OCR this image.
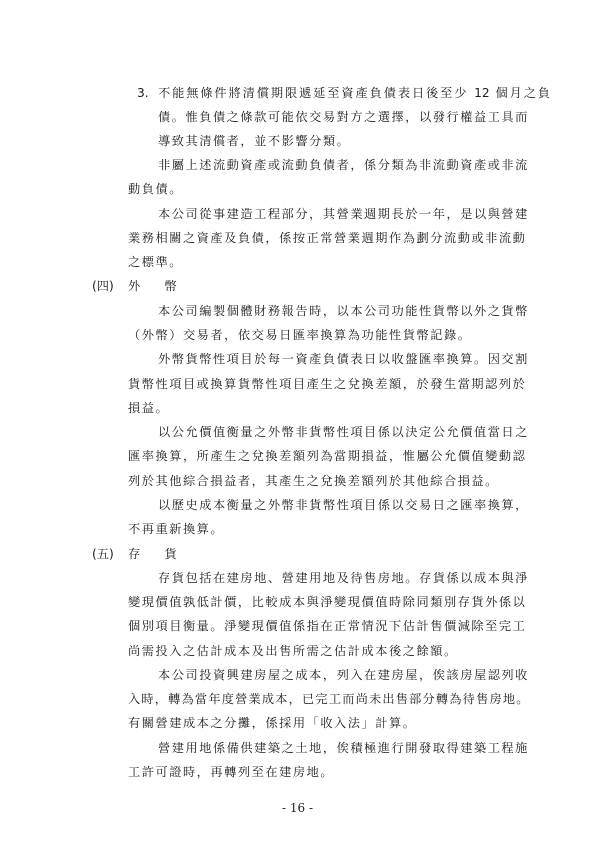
3. 不能無條件將清償期限遞延至資產負債表日後至少 12 個月之負
債。惟負債之條款可能依交易對方之選擇，以發行權益工具而
導致其清償者，並不影響分類。
非屬上述流動資產或流動負債者，係分類為非流動資產或非流
動負債。
本公司從事建造工程部分，其營業週期長於一年，是以與營建
業務相關之資產及負債，係按正常營業週期作為劃分流動或非流動
之標準。
(四) 外　　幣
本公司編製個體財務報告時，以本公司功能性貨幣以外之貨幣
（外幣）交易者，依交易日匯率換算為功能性貨幣記錄。
外幣貨幣性項目於每一資產負債表日以收盤匯率換算。因交割
貨幣性項目或換算貨幣性項目產生之兌換差額，於發生當期認列於
損益。
以公允價值衡量之外幣非貨幣性項目係以決定公允價值當日之
匯率換算，所產生之兌換差額列為當期損益，惟屬公允價值變動認
列於其他綜合損益者，其產生之兌換差額列於其他綜合損益。
以歷史成本衡量之外幣非貨幣性項目係以交易日之匯率換算，
不再重新換算。
(五) 存　　貨
存貨包括在建房地、營建用地及待售房地。存貨係以成本與淨
變現價值孰低計價，比較成本與淨變現價值時除同類別存貨外係以
個別項目衡量。淨變現價值係指在正常情況下估計售價減除至完工
尚需投入之估計成本及出售所需之估計成本後之餘額。
本公司投資興建房屋之成本，列入在建房屋，俟該房屋認列收
入時，轉為當年度營業成本，已完工而尚未出售部分轉為待售房地。
有關營建成本之分攤，係採用「收入法」計算。
營建用地係備供建築之土地，俟積極進行開發取得建築工程施
工許可證時，再轉列至在建房地。
- 16 -
